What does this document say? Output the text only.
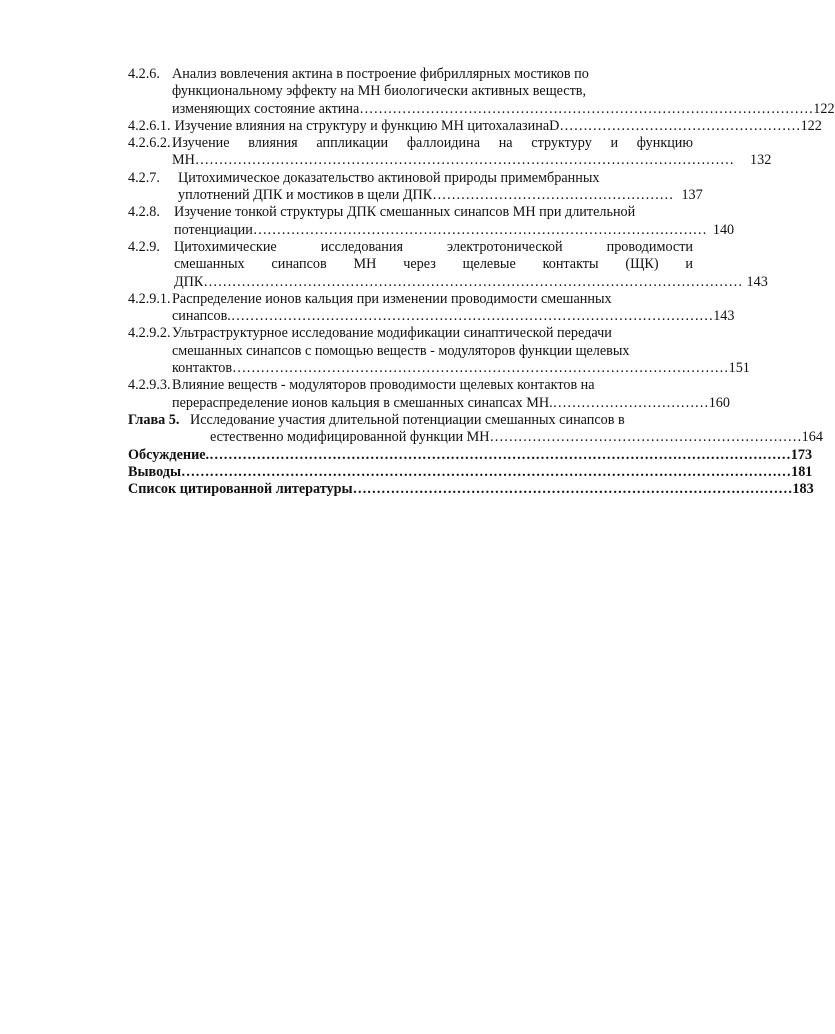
4.2.6. Анализ вовлечения актина в построение фибриллярных мостиков по
функциональному эффекту на МН биологически активных веществ,
изменяющих состояние актина …………………………………………………………………………………… 122
4.2.6.1. Изучение влияния на структуру и функцию МН цитохалазинаD …………………………………………… 122
4.2.6.2. Изучение влияния аппликации фаллоидина на структуру и функцию
МН ……………………………………………………………………………………………………	132
4.2.7. Цитохимическое доказательство актиновой природы примембранных
уплотнений ДПК и мостиков в щели ДПК …………………………………………… 137
4.2.8. Изучение тонкой структуры ДПК смешанных синапсов МН при длительной
потенциации …………………………………………………………………………………… 140
4.2.9. Цитохимические исследования электротонической проводимости
смешанных синапсов МН через щелевые контакты (ЩК) и
ДПК …………………………………………………………………………………………………… 143
4.2.9.1. Распределение ионов кальция при изменении проводимости смешанных
синапсов. ………………………………………………………………………………………… 143
4.2.9.2. Ультраструктурное исследование модификации синаптической передачи
смешанных синапсов с помощью веществ - модуляторов функции щелевых
контактов …………………………………………………………………………………………… 151
4.2.9.3. Влияние веществ - модуляторов проводимости щелевых контактов на
перераспределение ионов кальция в смешанных синапсах МН. …………………………… 160
Глава 5. Исследование участия длительной потенциации смешанных синапсов в
естественно модифицированной функции МН ………………………………………………………… 164
Обсуждение. …………………………………………………………………………………………………………… 173
Выводы ………………………………………………………………………………………………………………… 181
Список цитированной литературы ………………………………………………………………………………… 183
